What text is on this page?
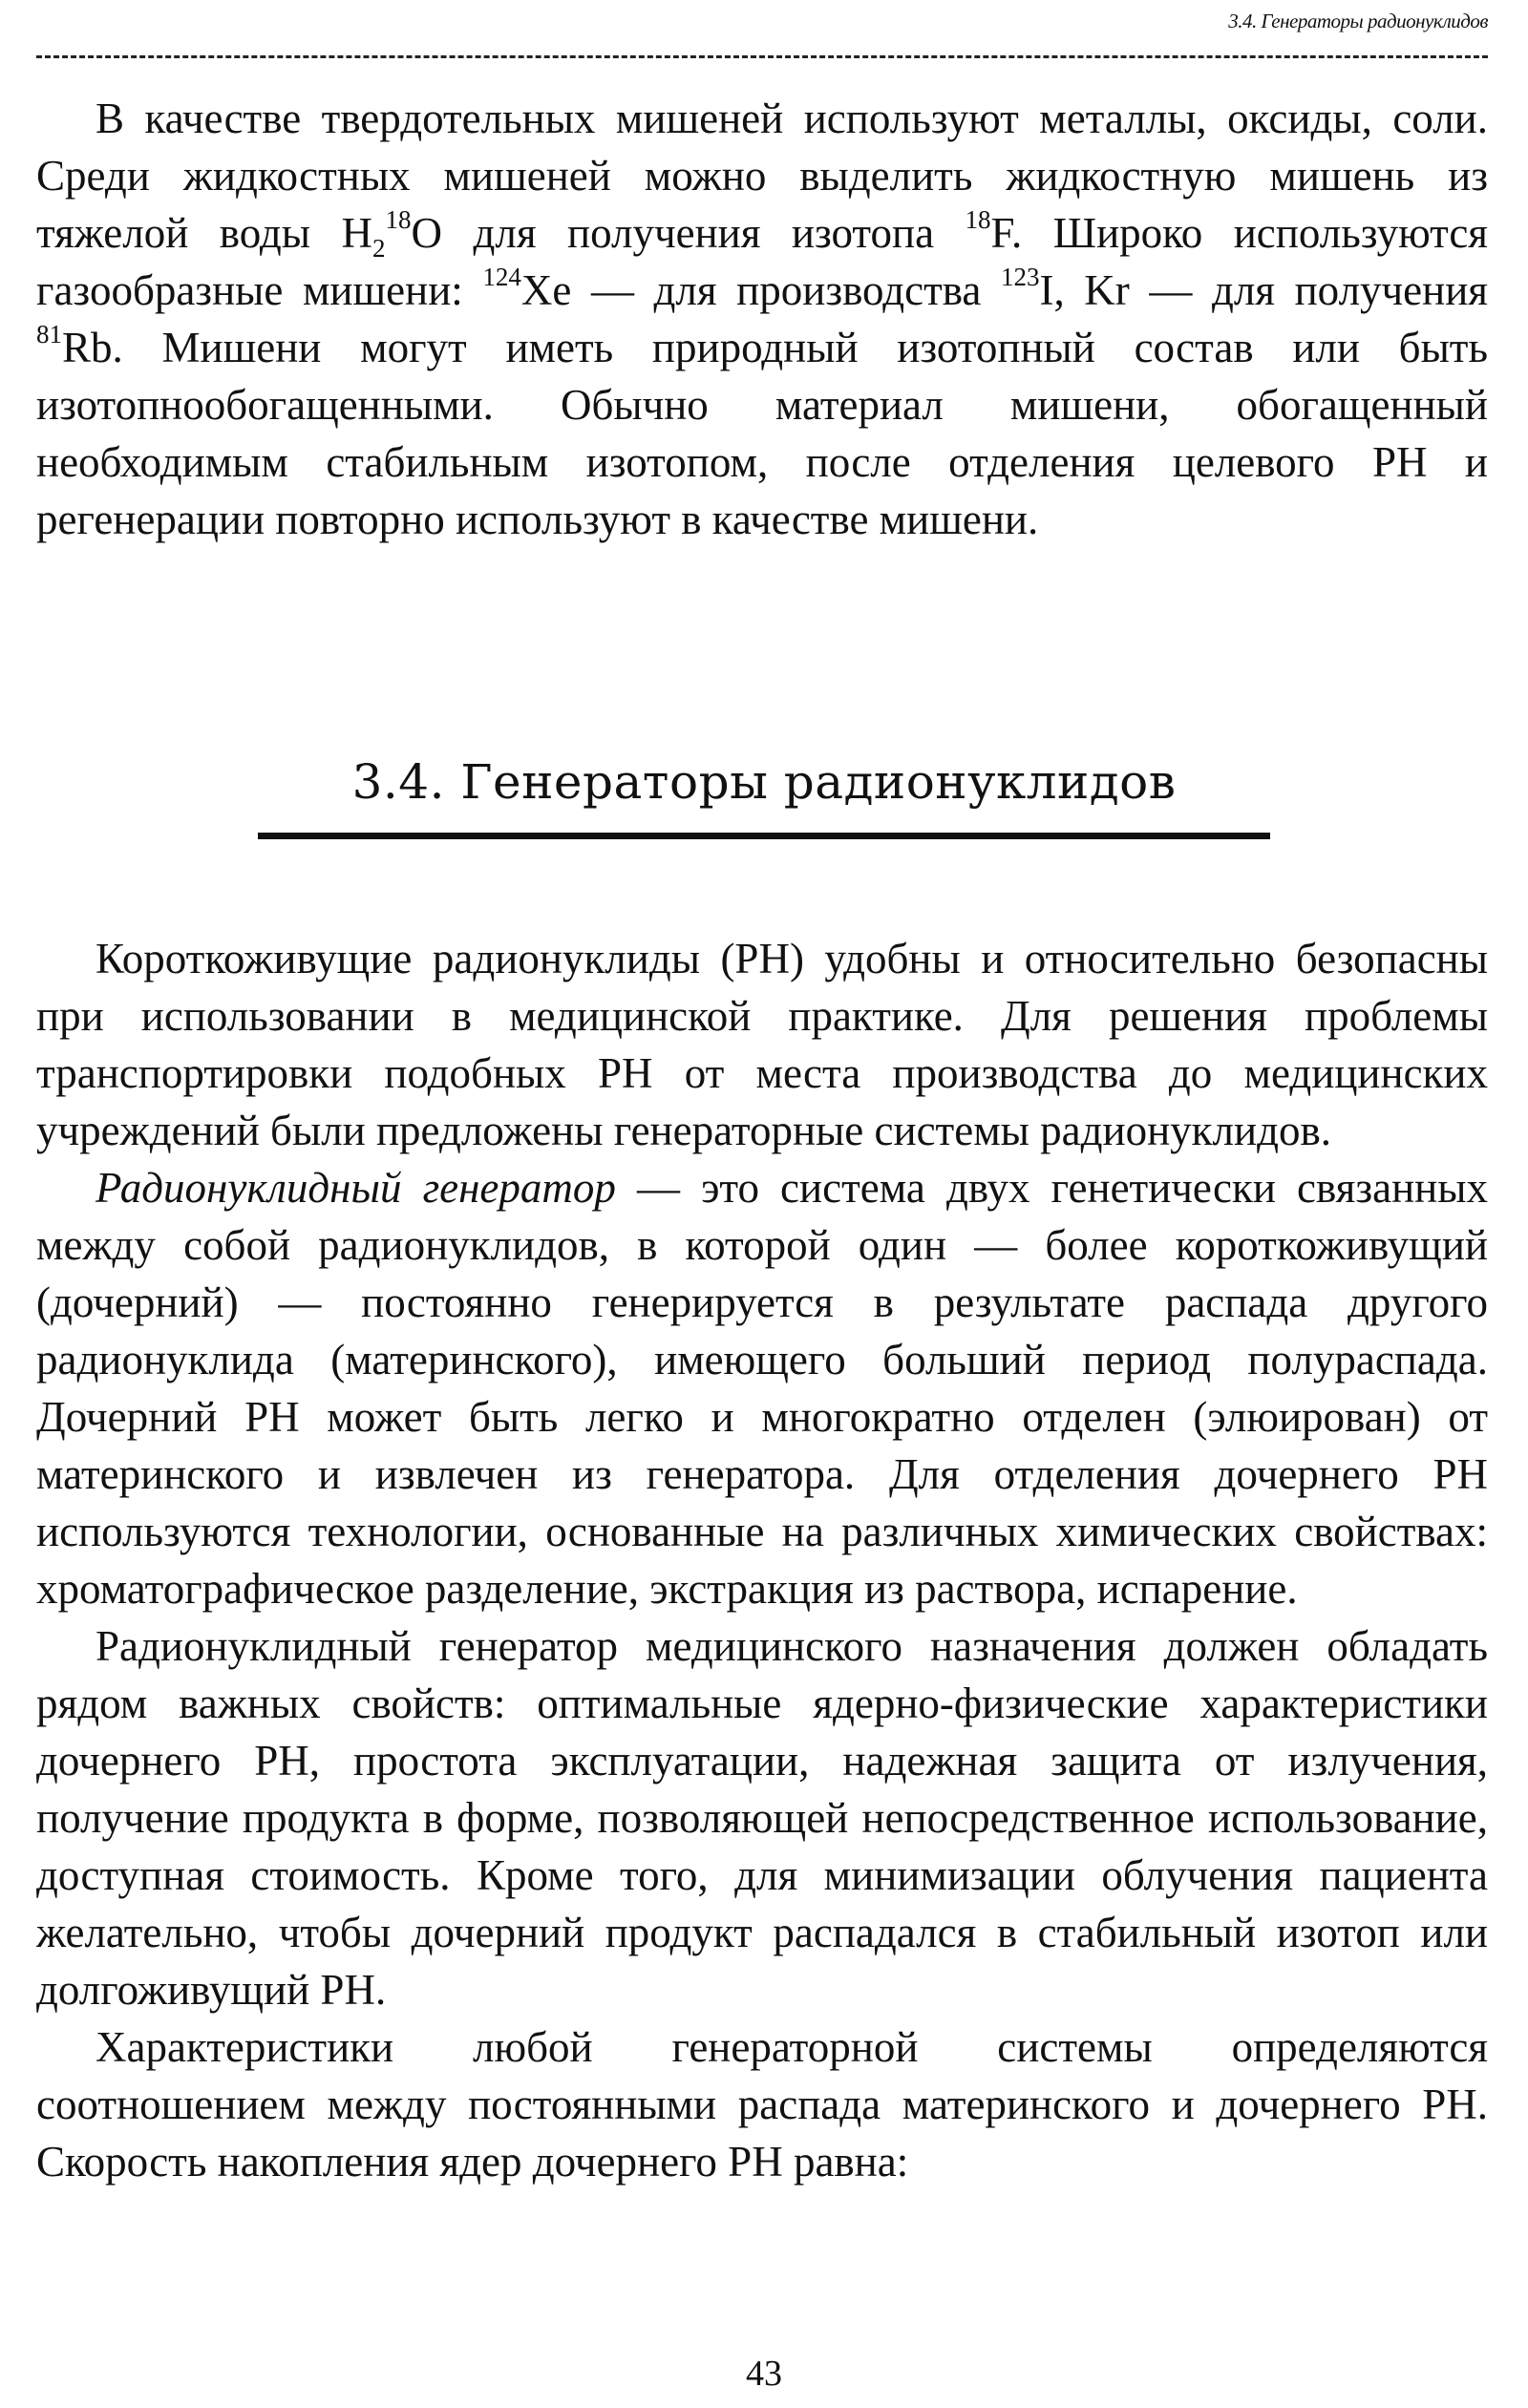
3.4. Генераторы радионуклидов

В качестве твердотельных мишеней используют металлы, оксиды, соли. Среди жидкостных мишеней можно выделить жидкостную мишень из тяжелой воды $H_2^{18}O$ для получения изотопа $^{18}$F. Широко используются газообразные мишени: $^{124}$Xe — для производства $^{123}$I, Kr — для получения $^{81}$Rb. Мишени могут иметь природный изотопный состав или быть изотопнообогащенными. Обычно материал мишени, обогащенный необходимым стабильным изотопом, после отделения целевого РН и регенерации повторно используют в качестве мишени.

3.4. Генераторы радионуклидов

Короткоживущие радионуклиды (РН) удобны и относительно безопасны при использовании в медицинской практике. Для решения проблемы транспортировки подобных РН от места производства до медицинских учреждений были предложены генераторные системы радионуклидов.

Радионуклидный генератор — это система двух генетически связанных между собой радионуклидов, в которой один — более короткоживущий (дочерний) — постоянно генерируется в результате распада другого радионуклида (материнского), имеющего больший период полураспада. Дочерний РН может быть легко и многократно отделен (элюирован) от материнского и извлечен из генератора. Для отделения дочернего РН используются технологии, основанные на различных химических свойствах: хроматографическое разделение, экстракция из раствора, испарение.

Радионуклидный генератор медицинского назначения должен обладать рядом важных свойств: оптимальные ядерно-физические характеристики дочернего РН, простота эксплуатации, надежная защита от излучения, получение продукта в форме, позволяющей непосредственное использование, доступная стоимость. Кроме того, для минимизации облучения пациента желательно, чтобы дочерний продукт распадался в стабильный изотоп или долгоживущий РН.

Характеристики любой генераторной системы определяются соотношением между постоянными распада материнского и дочернего РН. Скорость накопления ядер дочернего РН равна:

43
